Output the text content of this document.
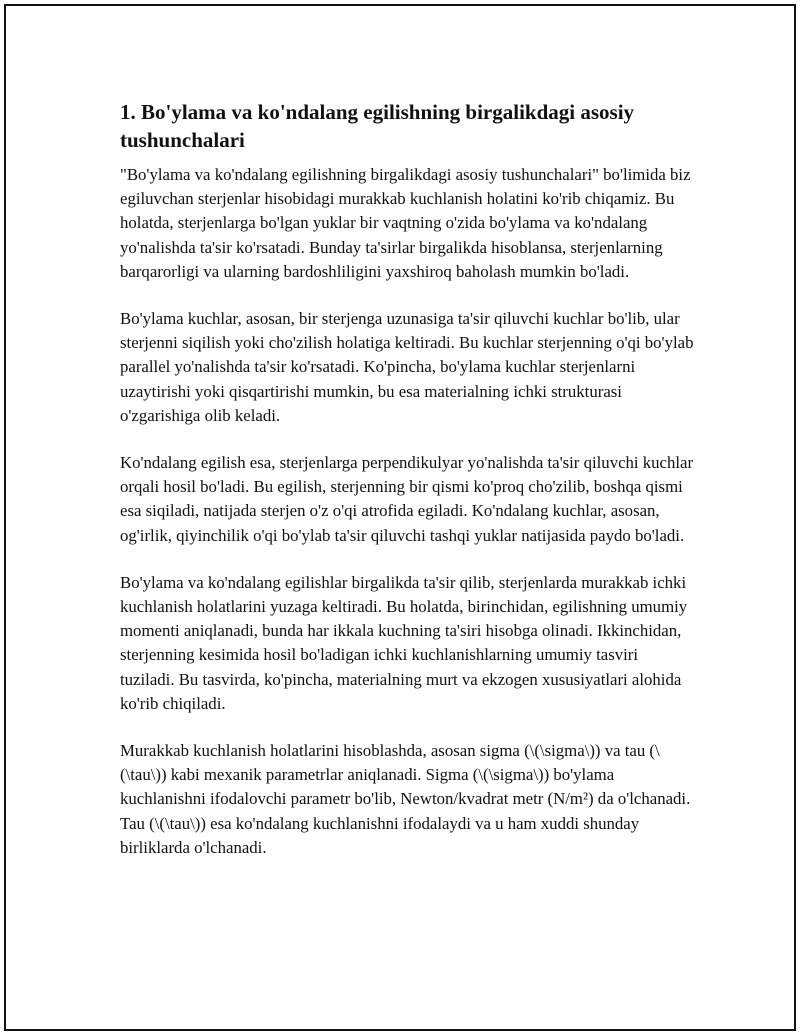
1. Bo'ylama va ko'ndalang egilishning birgalikdagi asosiy tushunchalari

"Bo'ylama va ko'ndalang egilishning birgalikdagi asosiy tushunchalari" bo'limida biz egiluvchan sterjenlar hisobidagi murakkab kuchlanish holatini ko'rib chiqamiz. Bu holatda, sterjenlarga bo'lgan yuklar bir vaqtning o'zida bo'ylama va ko'ndalang yo'nalishda ta'sir ko'rsatadi. Bunday ta'sirlar birgalikda hisoblansa, sterjenlarning barqarorligi va ularning bardoshliligini yaxshiroq baholash mumkin bo'ladi.

Bo'ylama kuchlar, asosan, bir sterjenga uzunasiga ta'sir qiluvchi kuchlar bo'lib, ular sterjenni siqilish yoki cho'zilish holatiga keltiradi. Bu kuchlar sterjenning o'qi bo'ylab parallel yo'nalishda ta'sir ko'rsatadi. Ko'pincha, bo'ylama kuchlar sterjenlarni uzaytirishi yoki qisqartirishi mumkin, bu esa materialning ichki strukturasi o'zgarishiga olib keladi.

Ko'ndalang egilish esa, sterjenlarga perpendikulyar yo'nalishda ta'sir qiluvchi kuchlar orqali hosil bo'ladi. Bu egilish, sterjenning bir qismi ko'proq cho'zilib, boshqa qismi esa siqiladi, natijada sterjen o'z o'qi atrofida egiladi. Ko'ndalang kuchlar, asosan, og'irlik, qiyinchilik o'qi bo'ylab ta'sir qiluvchi tashqi yuklar natijasida paydo bo'ladi.

Bo'ylama va ko'ndalang egilishlar birgalikda ta'sir qilib, sterjenlarda murakkab ichki kuchlanish holatlarini yuzaga keltiradi. Bu holatda, birinchidan, egilishning umumiy momenti aniqlanadi, bunda har ikkala kuchning ta'siri hisobga olinadi. Ikkinchidan, sterjenning kesimida hosil bo'ladigan ichki kuchlanishlarning umumiy tasviri tuziladi. Bu tasvirda, ko'pincha, materialning murt va ekzogen xususiyatlari alohida ko'rib chiqiladi.

Murakkab kuchlanish holatlarini hisoblashda, asosan sigma (\(\sigma\)) va tau (\(\tau\)) kabi mexanik parametrlar aniqlanadi. Sigma (\(\sigma\)) bo'ylama kuchlanishni ifodalovchi parametr bo'lib, Newton/kvadrat metr (N/m²) da o'lchanadi. Tau (\(\tau\)) esa ko'ndalang kuchlanishni ifodalaydi va u ham xuddi shunday birliklarda o'lchanadi.
